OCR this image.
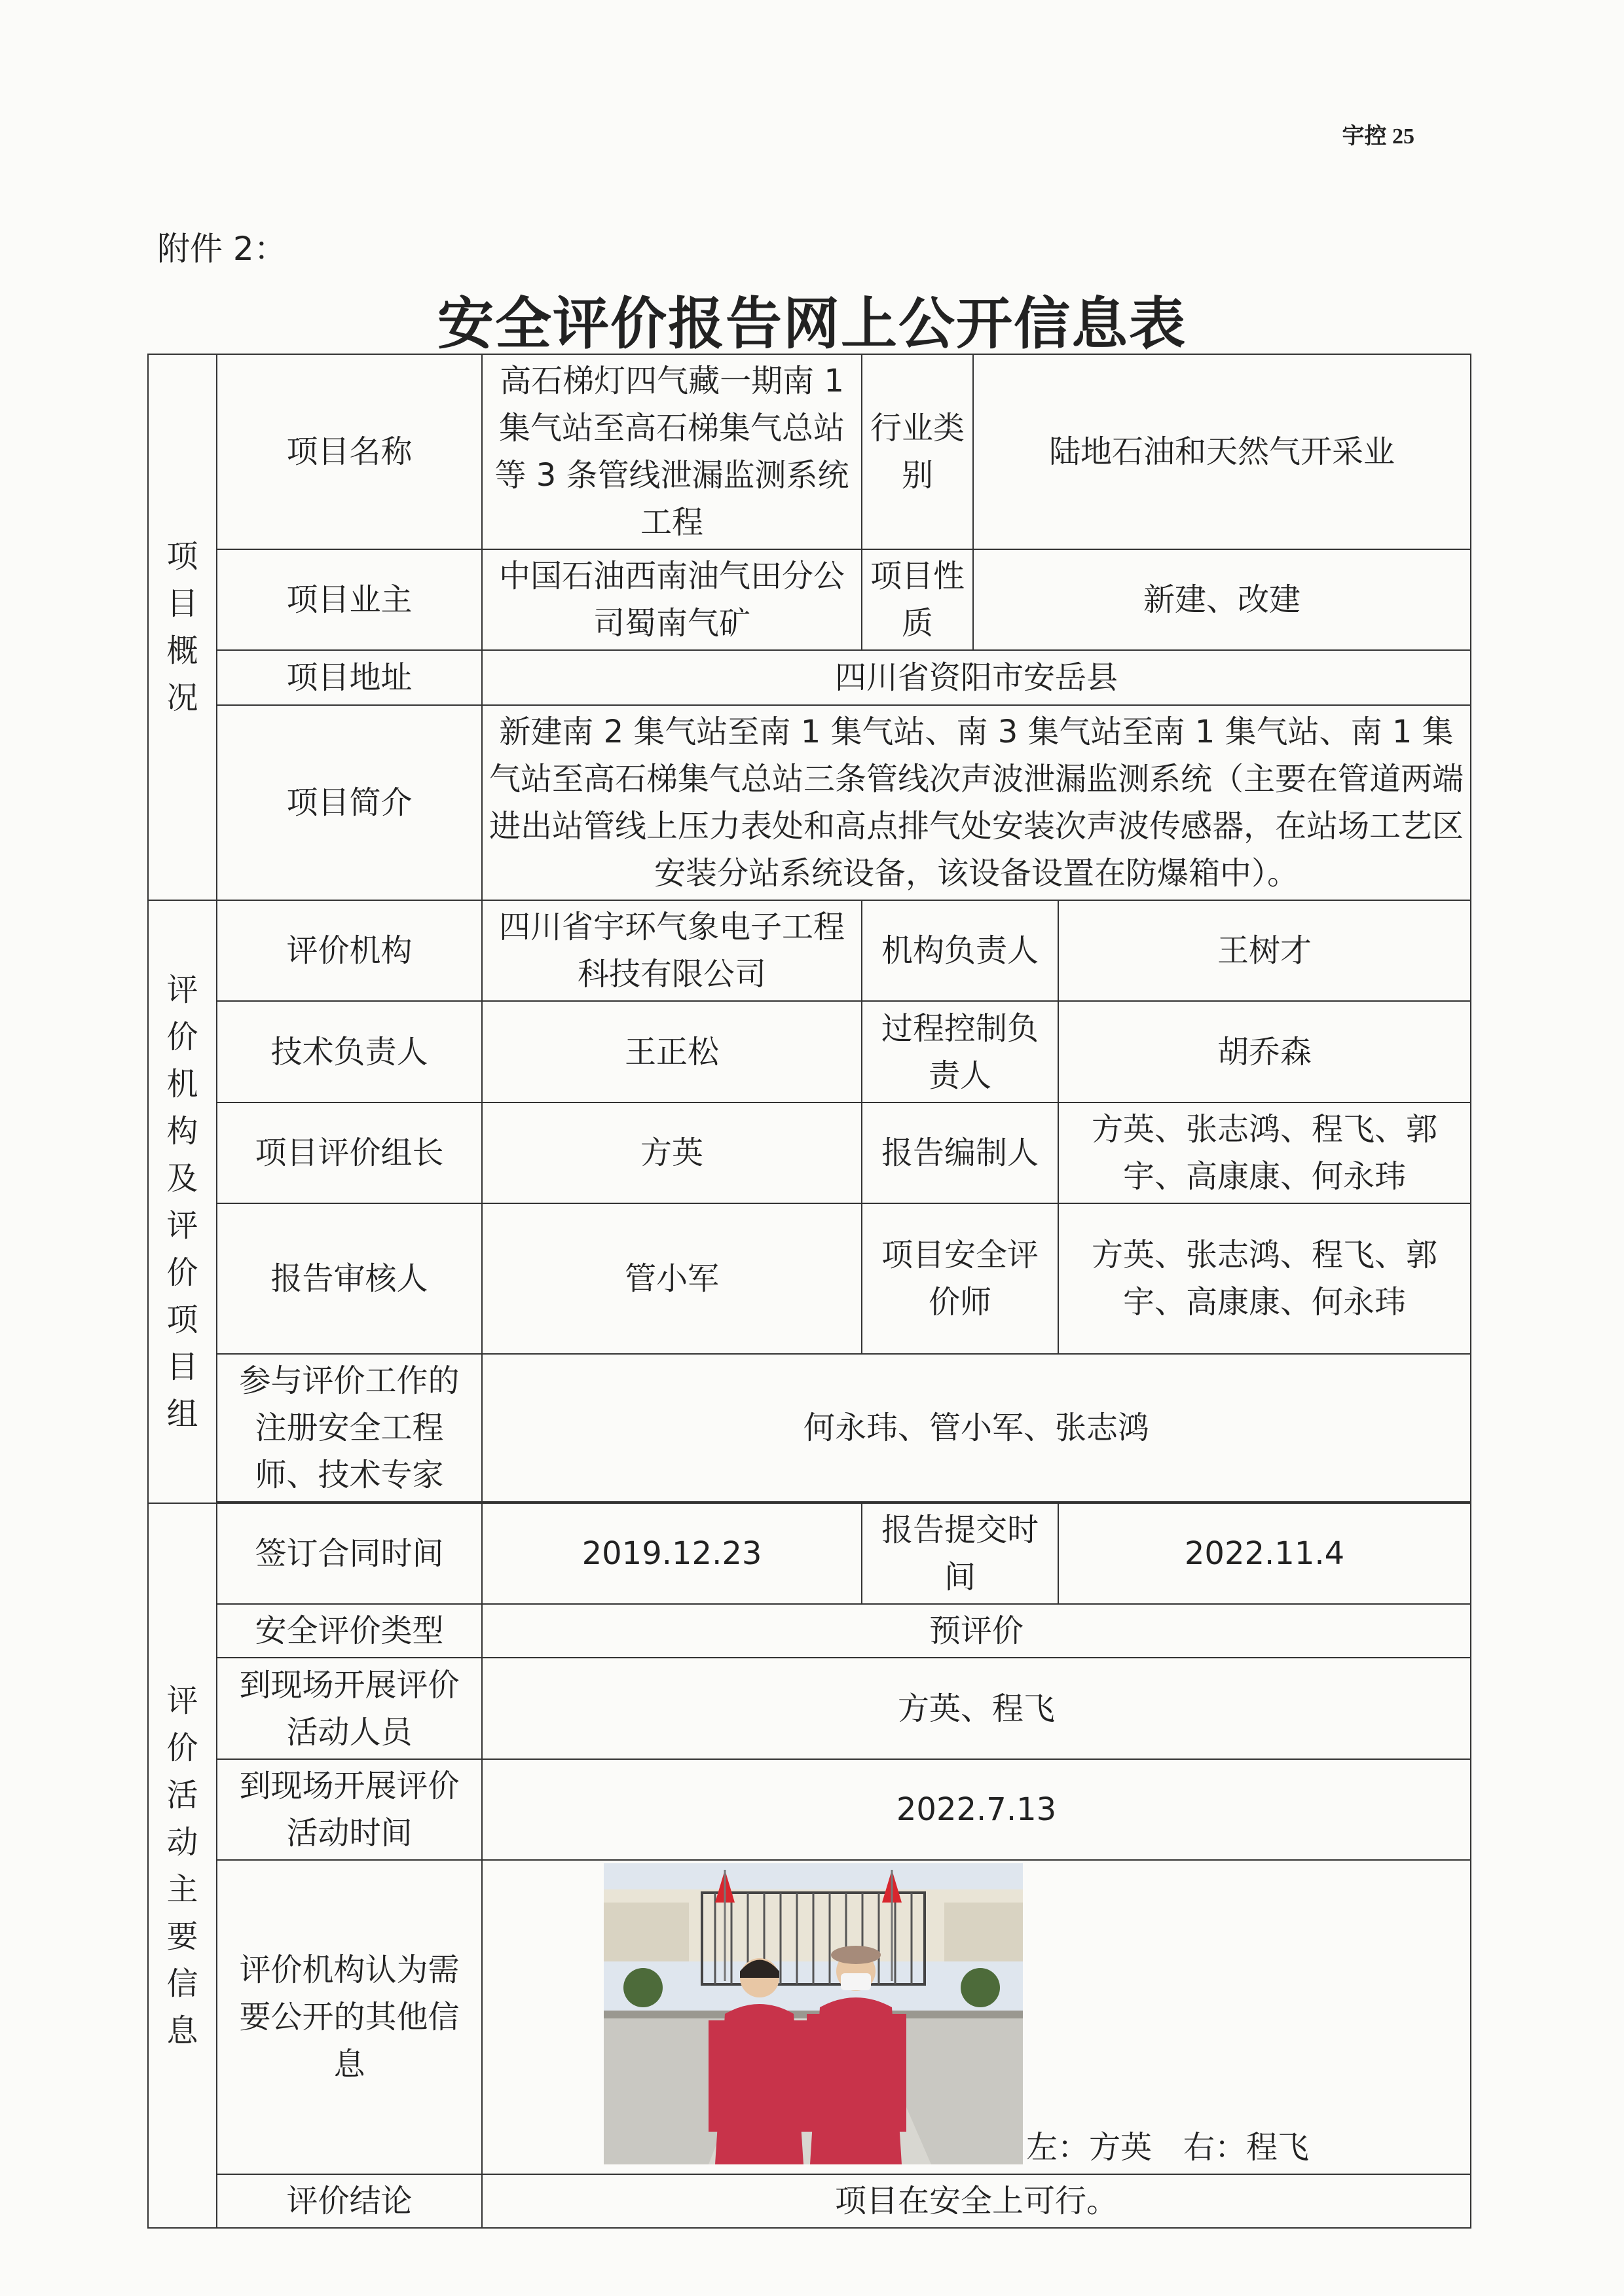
宇控 25
附件 2：
安全评价报告网上公开信息表
项目概况	项目名称	高石梯灯四气藏一期南 1 集气站至高石梯集气总站等 3 条管线泄漏监测系统工程	行业类别	陆地石油和天然气开采业	
	项目业主	中国石油西南油气田分公司蜀南气矿	项目性质	新建、改建	
	项目地址	四川省资阳市安岳县			
	项目简介	新建南 2 集气站至南 1 集气站、南 3 集气站至南 1 集气站、南 1 集气站至高石梯集气总站三条管线次声波泄漏监测系统（主要在管道两端进出站管线上压力表处和高点排气处安装次声波传感器，在站场工艺区安装分站系统设备，该设备设置在防爆箱中）。			

评价机构及评价项目组	评价机构	四川省宇环气象电子工程科技有限公司	机构负责人		王树才
	技术负责人	王正松	过程控制负责人		胡乔森
	项目评价组长	方英	报告编制人		方英、张志鸿、程飞、郭宇、高康康、何永玮
	报告审核人	管小军	项目安全评价师		方英、张志鸿、程飞、郭宇、高康康、何永玮
	参与评价工作的注册安全工程师、技术专家	何永玮、管小军、张志鸿			

评价活动主要信息	签订合同时间	2019.12.23	报告提交时间		2022.11.4
	安全评价类型	预评价			
	到现场开展评价活动人员	方英、程飞			
	到现场开展评价活动时间	2022.7.13			
	评价机构认为需要公开的其他信息	左：方英　右：程飞			

	评价结论	项目在安全上可行。			
